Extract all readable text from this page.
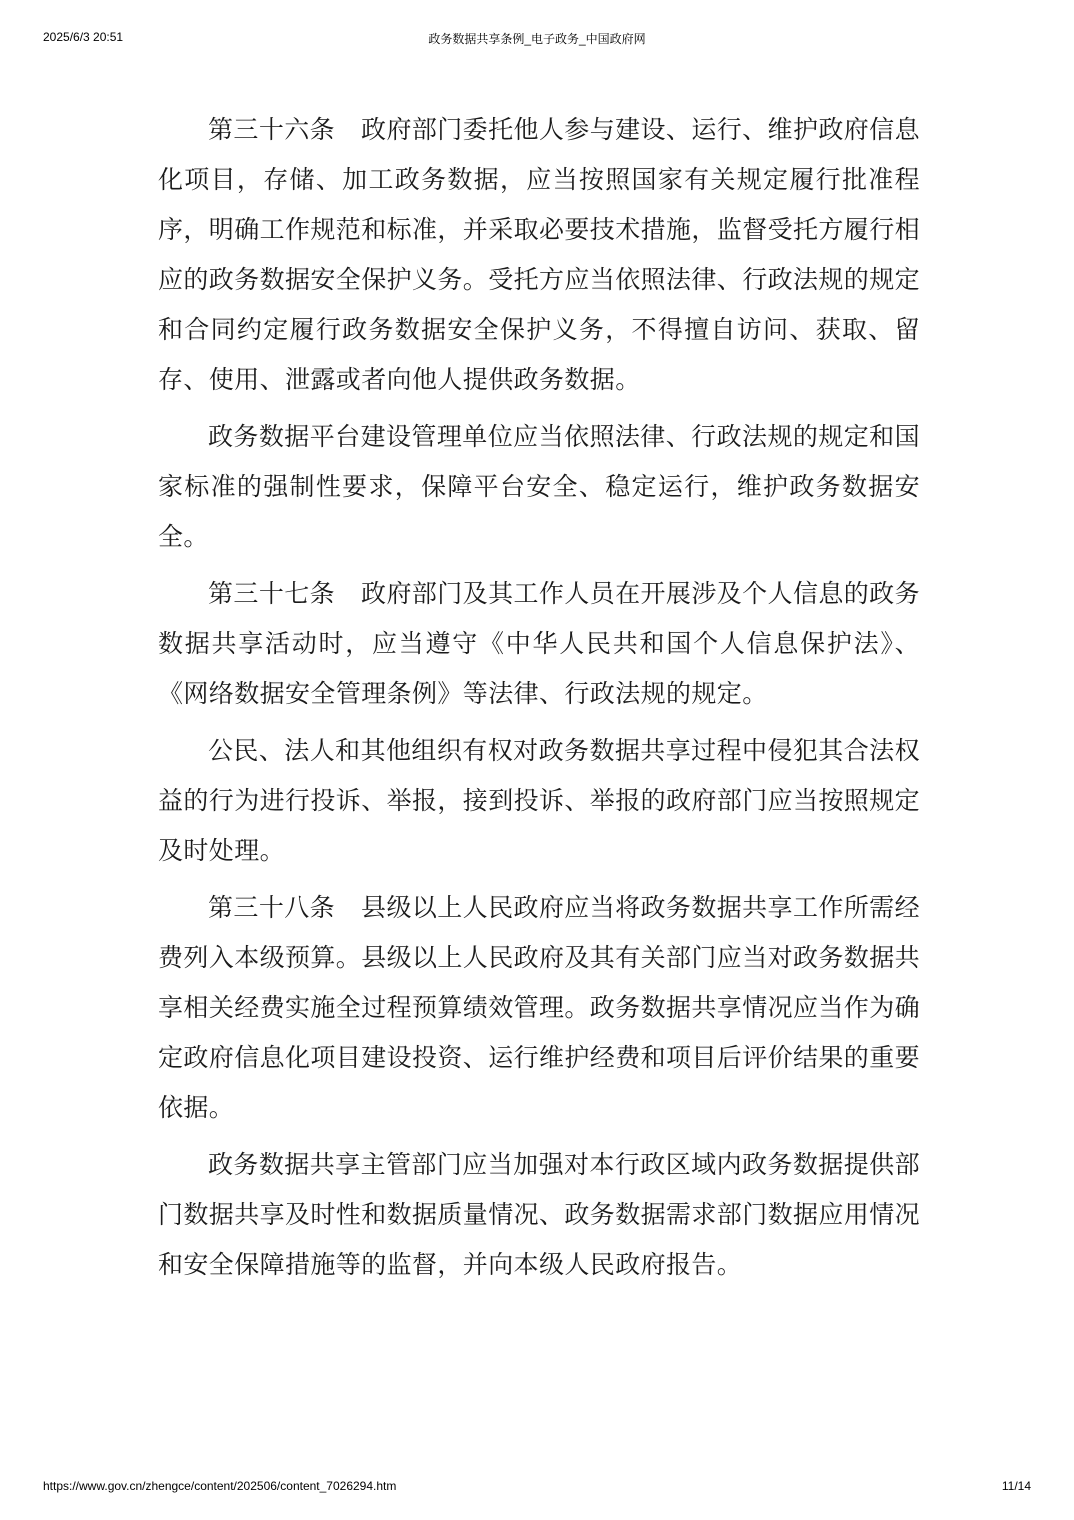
2025/6/3 20:51	政务数据共享条例_电子政务_中国政府网

第三十六条 政府部门委托他人参与建设、运行、维护政府信息化项目，存储、加工政务数据，应当按照国家有关规定履行批准程序，明确工作规范和标准，并采取必要技术措施，监督受托方履行相应的政务数据安全保护义务。受托方应当依照法律、行政法规的规定和合同约定履行政务数据安全保护义务，不得擅自访问、获取、留存、使用、泄露或者向他人提供政务数据。

政务数据平台建设管理单位应当依照法律、行政法规的规定和国家标准的强制性要求，保障平台安全、稳定运行，维护政务数据安全。

第三十七条 政府部门及其工作人员在开展涉及个人信息的政务数据共享活动时，应当遵守《中华人民共和国个人信息保护法》、《网络数据安全管理条例》等法律、行政法规的规定。

公民、法人和其他组织有权对政务数据共享过程中侵犯其合法权益的行为进行投诉、举报，接到投诉、举报的政府部门应当按照规定及时处理。

第三十八条 县级以上人民政府应当将政务数据共享工作所需经费列入本级预算。县级以上人民政府及其有关部门应当对政务数据共享相关经费实施全过程预算绩效管理。政务数据共享情况应当作为确定政府信息化项目建设投资、运行维护经费和项目后评价结果的重要依据。

政务数据共享主管部门应当加强对本行政区域内政务数据提供部门数据共享及时性和数据质量情况、政务数据需求部门数据应用情况和安全保障措施等的监督，并向本级人民政府报告。

https://www.gov.cn/zhengce/content/202506/content_7026294.htm	11/14
